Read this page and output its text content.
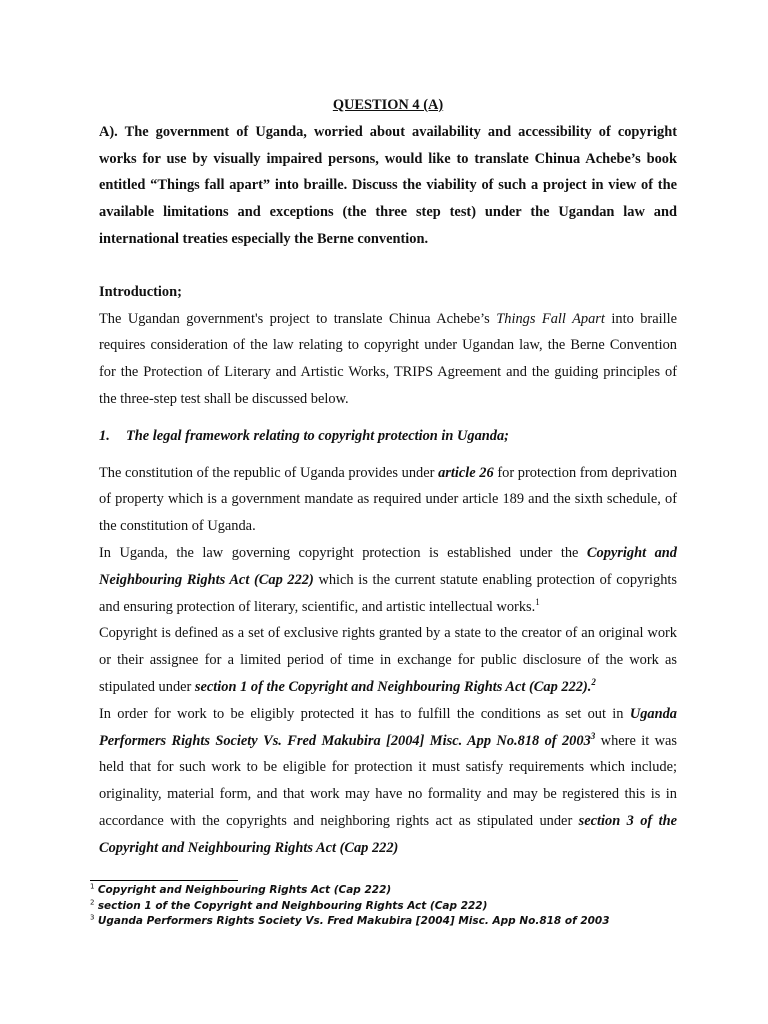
QUESTION 4 (A)

A). The government of Uganda, worried about availability and accessibility of copyright works for use by visually impaired persons, would like to translate Chinua Achebe’s book entitled “Things fall apart” into braille. Discuss the viability of such a project in view of the available limitations and exceptions (the three step test) under the Ugandan law and international treaties especially the Berne convention.

Introduction;

The Ugandan government's project to translate Chinua Achebe’s Things Fall Apart into braille requires consideration of the law relating to copyright under Ugandan law, the Berne Convention for the Protection of Literary and Artistic Works, TRIPS Agreement and the guiding principles of the three-step test shall be discussed below.

1. The legal framework relating to copyright protection in Uganda;

The constitution of the republic of Uganda provides under article 26 for protection from deprivation of property which is a government mandate as required under article 189 and the sixth schedule, of the constitution of Uganda.

In Uganda, the law governing copyright protection is established under the Copyright and Neighbouring Rights Act (Cap 222) which is the current statute enabling protection of copyrights and ensuring protection of literary, scientific, and artistic intellectual works.$^1$

Copyright is defined as a set of exclusive rights granted by a state to the creator of an original work or their assignee for a limited period of time in exchange for public disclosure of the work as stipulated under section 1 of the Copyright and Neighbouring Rights Act (Cap 222).$^2$

In order for work to be eligibly protected it has to fulfill the conditions as set out in Uganda Performers Rights Society Vs. Fred Makubira [2004] Misc. App No.818 of 2003$^3$ where it was held that for such work to be eligible for protection it must satisfy requirements which include; originality, material form, and that work may have no formality and may be registered this is in accordance with the copyrights and neighboring rights act as stipulated under section 3 of the Copyright and Neighbouring Rights Act (Cap 222)

$^1$ Copyright and Neighbouring Rights Act (Cap 222)
$^2$ section 1 of the Copyright and Neighbouring Rights Act (Cap 222)
$^3$ Uganda Performers Rights Society Vs. Fred Makubira [2004] Misc. App No.818 of 2003
